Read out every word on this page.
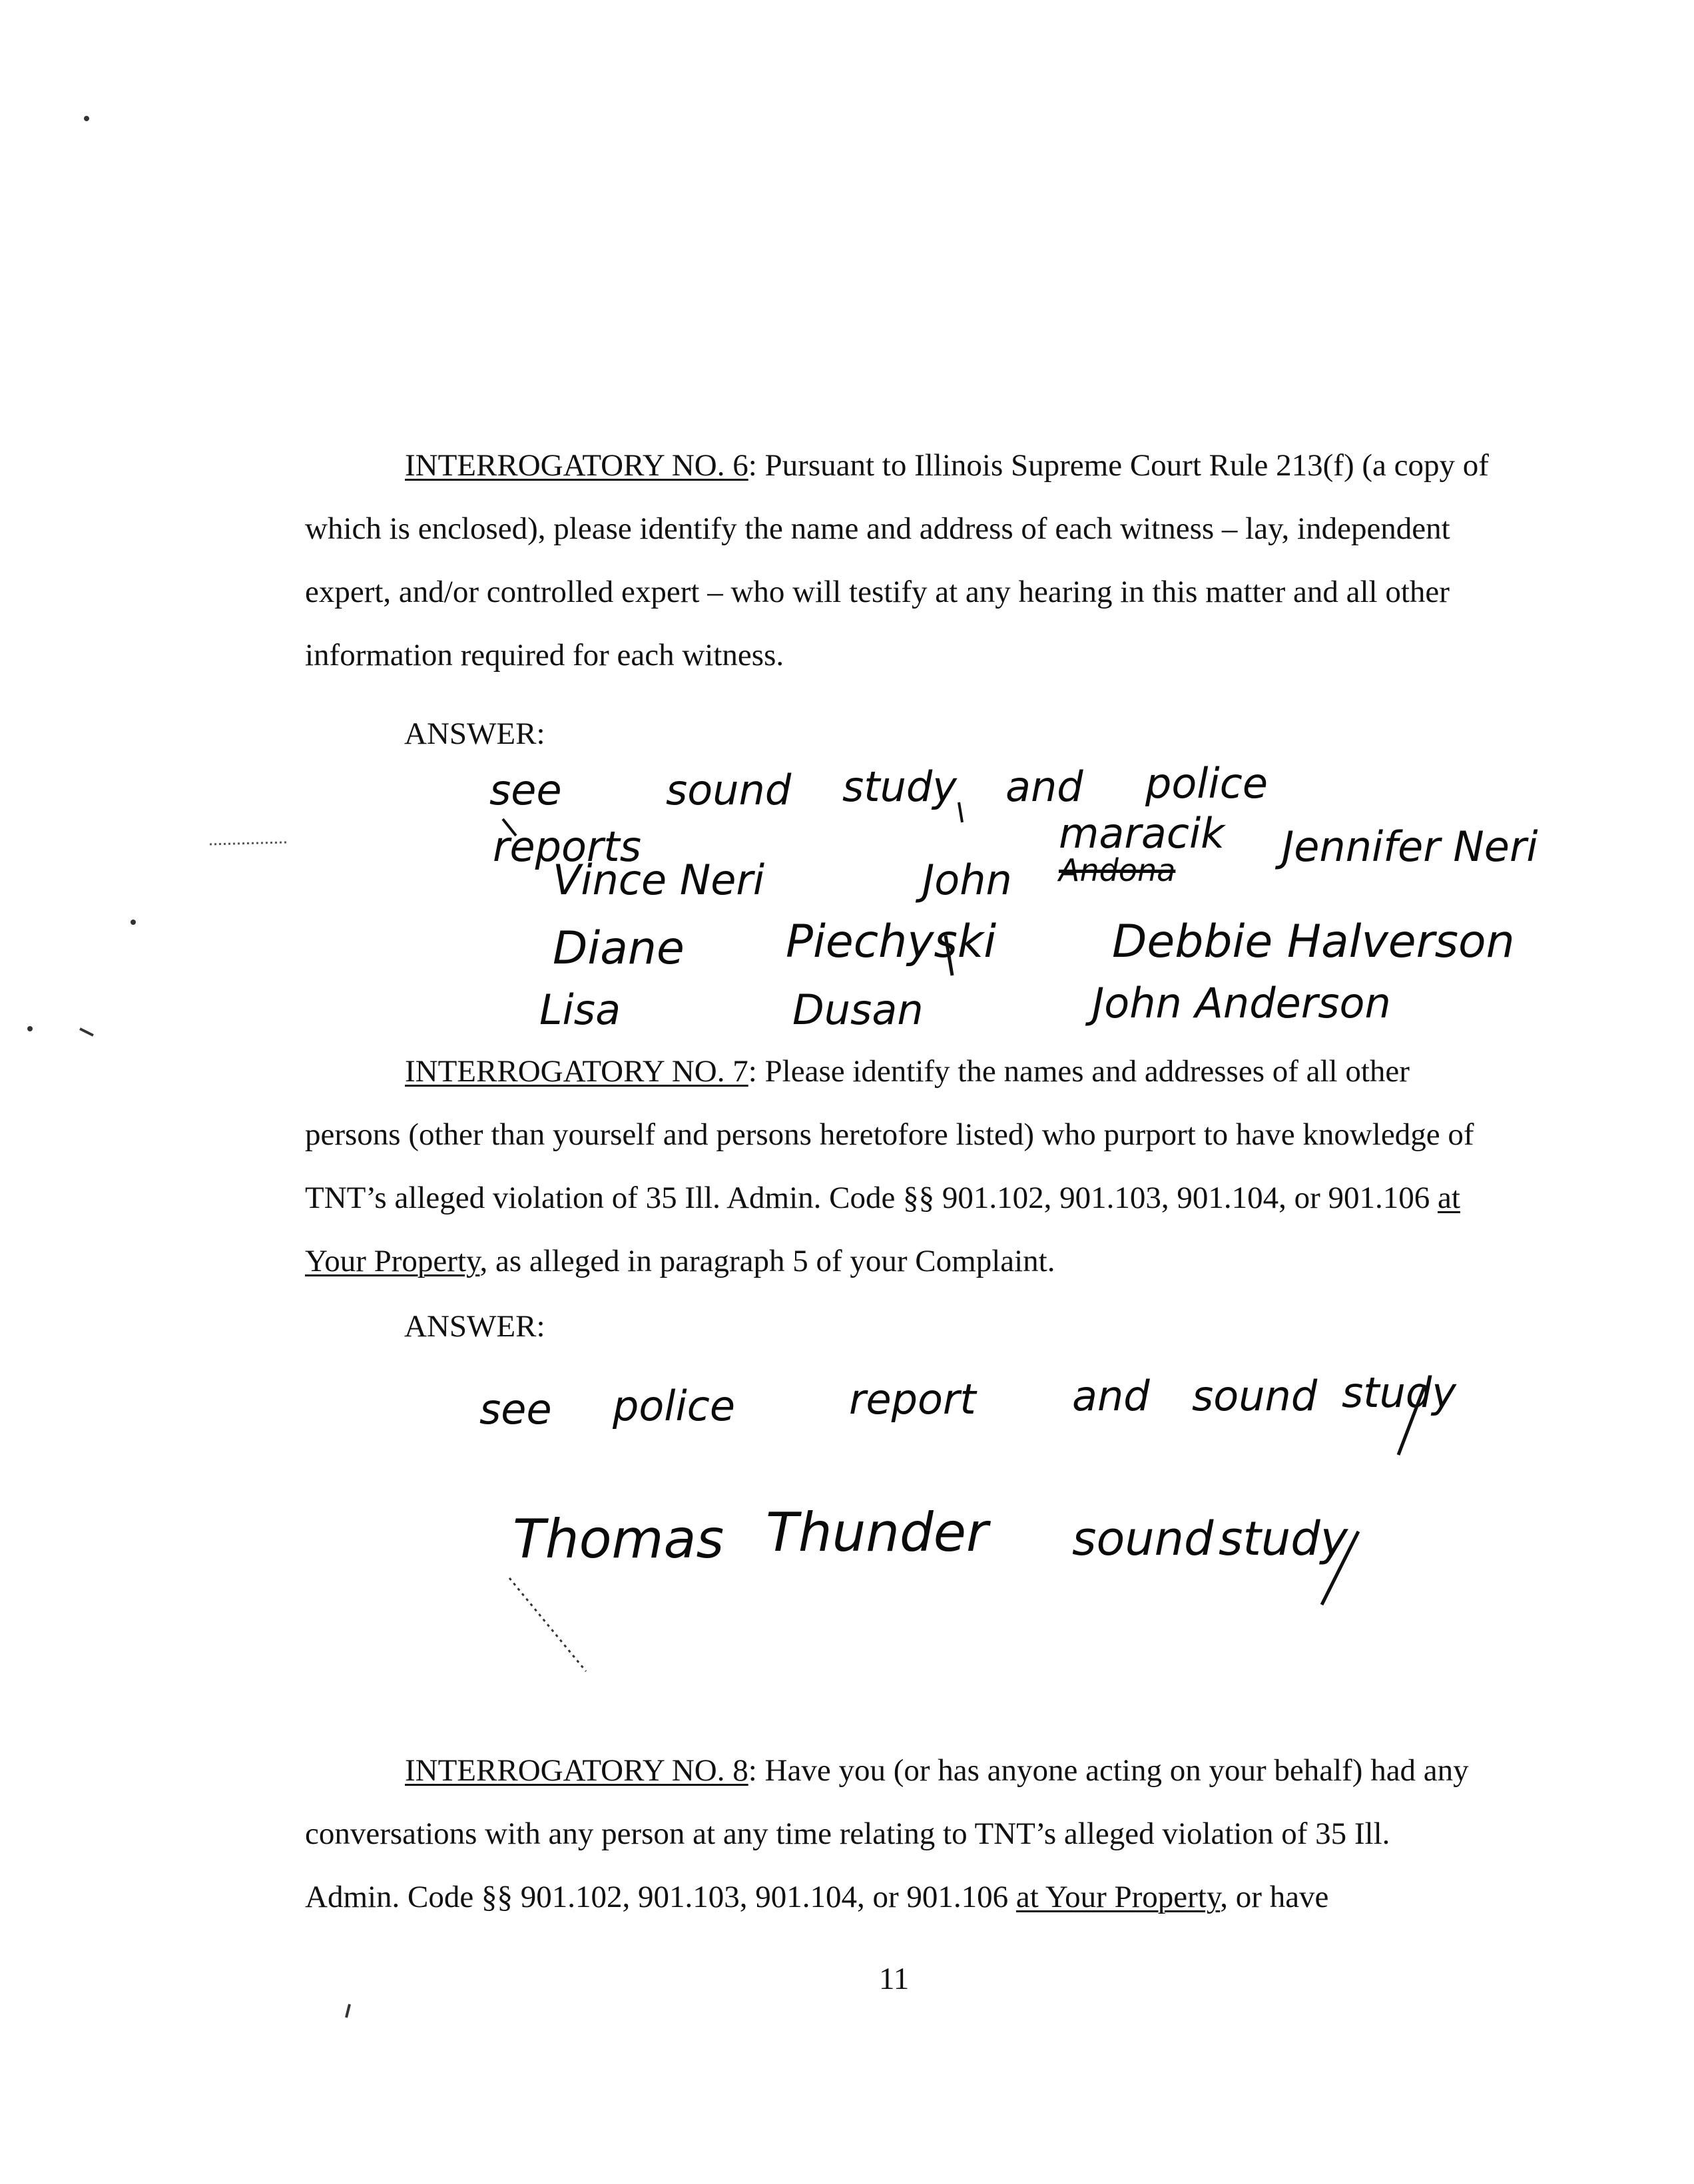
INTERROGATORY NO. 6: Pursuant to Illinois Supreme Court Rule 213(f) (a copy of which is enclosed), please identify the name and address of each witness – lay, independent expert, and/or controlled expert – who will testify at any hearing in this matter and all other information required for each witness.
ANSWER:
see	sound study and police
reports
Vince Neri	John
maracik
Andona	Jennifer Neri
Diane Piechyski	Debbie Halverson
Lisa	Dusan	John Anderson
INTERROGATORY NO. 7: Please identify the names and addresses of all other persons (other than yourself and persons heretofore listed) who purport to have knowledge of TNT’s alleged violation of 35 Ill. Admin. Code §§ 901.102, 901.103, 901.104, or 901.106 at Your Property, as alleged in paragraph 5 of your Complaint.
ANSWER:
see police	report and sound study
Thomas Thunder sound study
INTERROGATORY NO. 8: Have you (or has anyone acting on your behalf) had any conversations with any person at any time relating to TNT’s alleged violation of 35 Ill. Admin. Code §§ 901.102, 901.103, 901.104, or 901.106 at Your Property, or have
11
